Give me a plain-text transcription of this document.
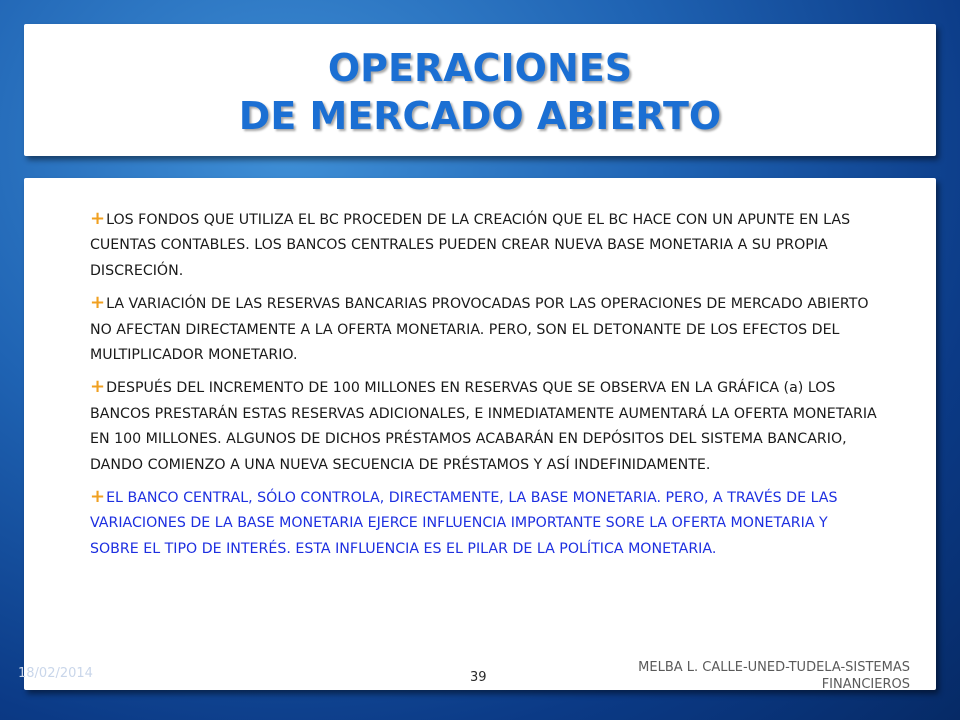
OPERACIONES
DE MERCADO ABIERTO
+LOS FONDOS QUE UTILIZA EL BC PROCEDEN DE LA CREACIÓN QUE EL BC HACE CON UN APUNTE EN LAS CUENTAS CONTABLES. LOS BANCOS CENTRALES PUEDEN CREAR NUEVA BASE MONETARIA A SU PROPIA DISCRECIÓN.
+LA VARIACIÓN DE LAS RESERVAS BANCARIAS PROVOCADAS POR LAS OPERACIONES DE MERCADO ABIERTO NO AFECTAN DIRECTAMENTE A LA OFERTA MONETARIA. PERO, SON EL DETONANTE DE LOS EFECTOS DEL MULTIPLICADOR MONETARIO.
+DESPUÉS DEL INCREMENTO DE 100 MILLONES EN RESERVAS QUE SE OBSERVA EN LA GRÁFICA (a) LOS BANCOS PRESTARÁN ESTAS RESERVAS ADICIONALES, E INMEDIATAMENTE AUMENTARÁ LA OFERTA MONETARIA EN 100 MILLONES. ALGUNOS DE DICHOS PRÉSTAMOS ACABARÁN EN DEPÓSITOS DEL SISTEMA BANCARIO, DANDO COMIENZO A UNA NUEVA SECUENCIA DE PRÉSTAMOS Y ASÍ INDEFINIDAMENTE.
+EL BANCO CENTRAL, SÓLO CONTROLA, DIRECTAMENTE, LA BASE MONETARIA. PERO, A TRAVÉS DE LAS VARIACIONES DE LA BASE MONETARIA EJERCE INFLUENCIA IMPORTANTE SORE LA OFERTA MONETARIA Y SOBRE EL TIPO DE INTERÉS. ESTA INFLUENCIA ES EL PILAR DE LA POLÍTICA MONETARIA.
18/02/2014	39
MELBA L. CALLE-UNED-TUDELA-SISTEMAS FINANCIEROS
